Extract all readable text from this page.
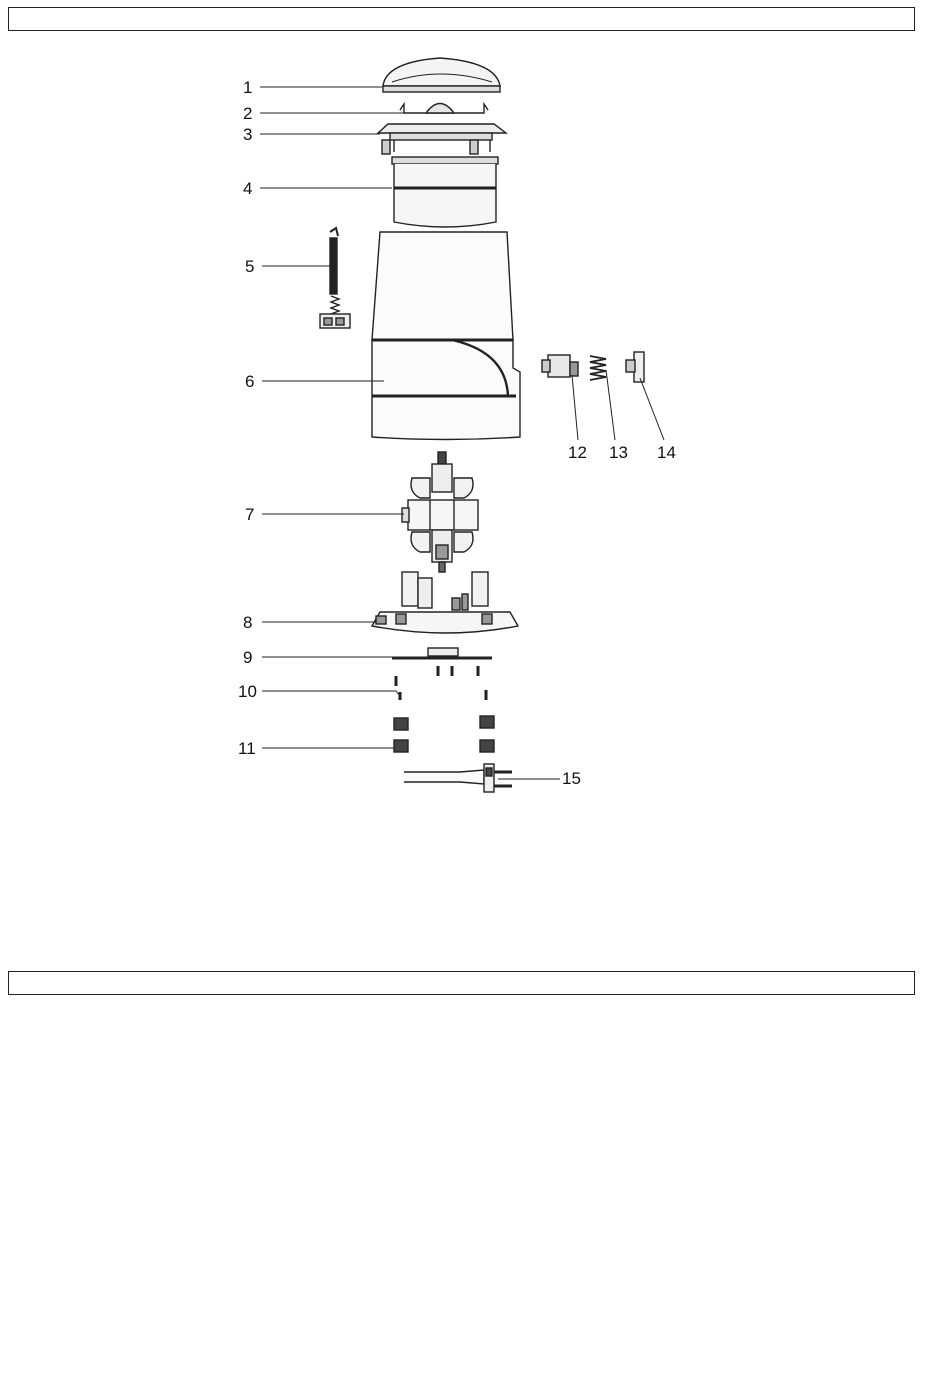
1
2
3
4
5
6
7
8
9
10
11
12 13 14
15
